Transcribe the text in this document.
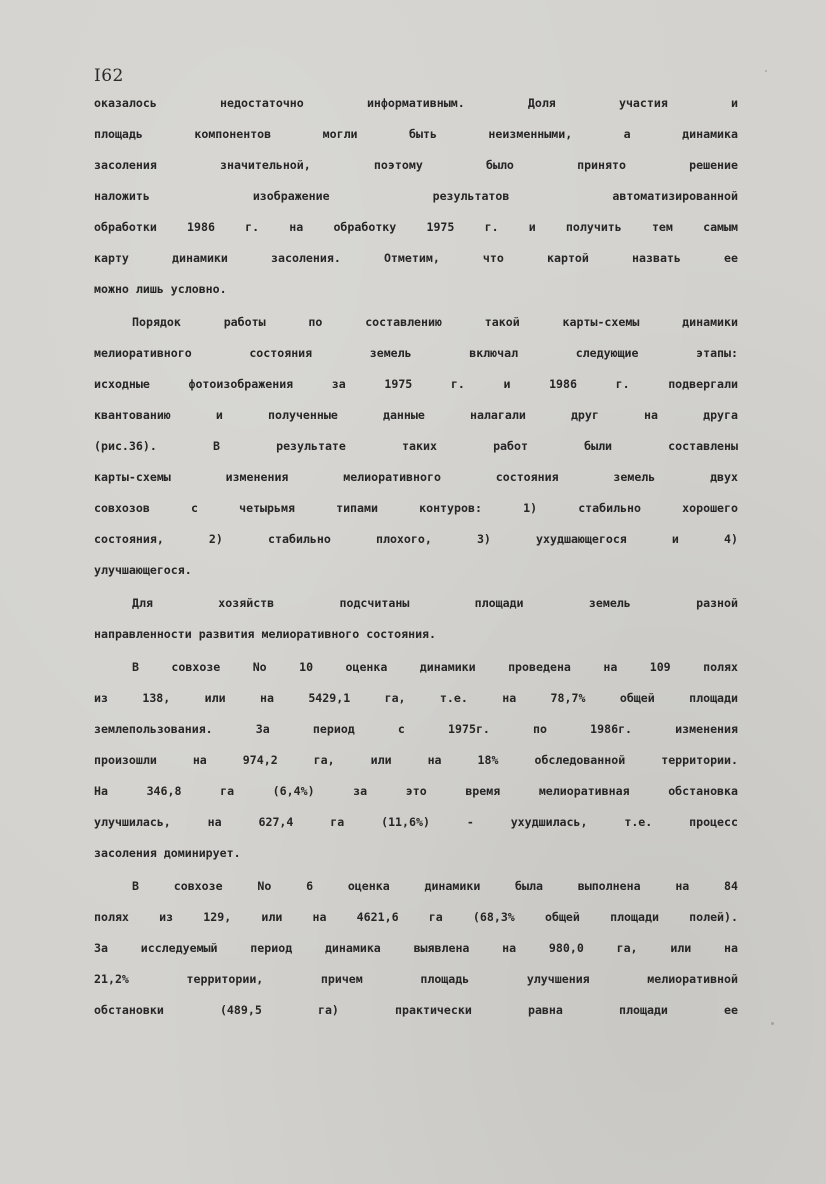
I62
оказалось недостаточно информативным. Доля участия и
площадь компонентов могли быть неизменными, а динамика
засоления значительной, поэтому было принято решение
наложить изображение результатов автоматизированной
обработки 1986 г. на обработку 1975 г. и получить тем самым
карту динамики засоления. Отметим, что картой назвать ее
можно лишь условно.
Порядок работы по составлению такой карты-схемы динамики
мелиоративного состояния земель включал следующие этапы:
исходные фотоизображения за 1975 г. и 1986 г. подвергали
квантованию и полученные данные налагали друг на друга
(рис.36). В результате таких работ были составлены
карты-схемы изменения мелиоративного состояния земель двух
совхозов с четырьмя типами контуров: 1) стабильно хорошего
состояния, 2) стабильно плохого, 3) ухудшающегося и 4)
улучшающегося.
Для хозяйств подсчитаны площади земель разной
направленности развития мелиоративного состояния.
В совхозе No 10 оценка динамики проведена на 109 полях
из 138, или на 5429,1 га, т.е. на 78,7% общей площади
землепользования. За период с 1975г. по 1986г. изменения
произошли на 974,2 га, или на 18% обследованной территории.
На 346,8 га (6,4%) за это время мелиоративная обстановка
улучшилась, на 627,4 га (11,6%) - ухудшилась, т.е. процесс
засоления доминирует.
В совхозе No 6 оценка динамики была выполнена на 84
полях из 129, или на 4621,6 га (68,3% общей площади полей).
За исследуемый период динамика выявлена на 980,0 га, или на
21,2% территории, причем площадь улучшения мелиоративной
обстановки (489,5 га) практически равна площади ее
